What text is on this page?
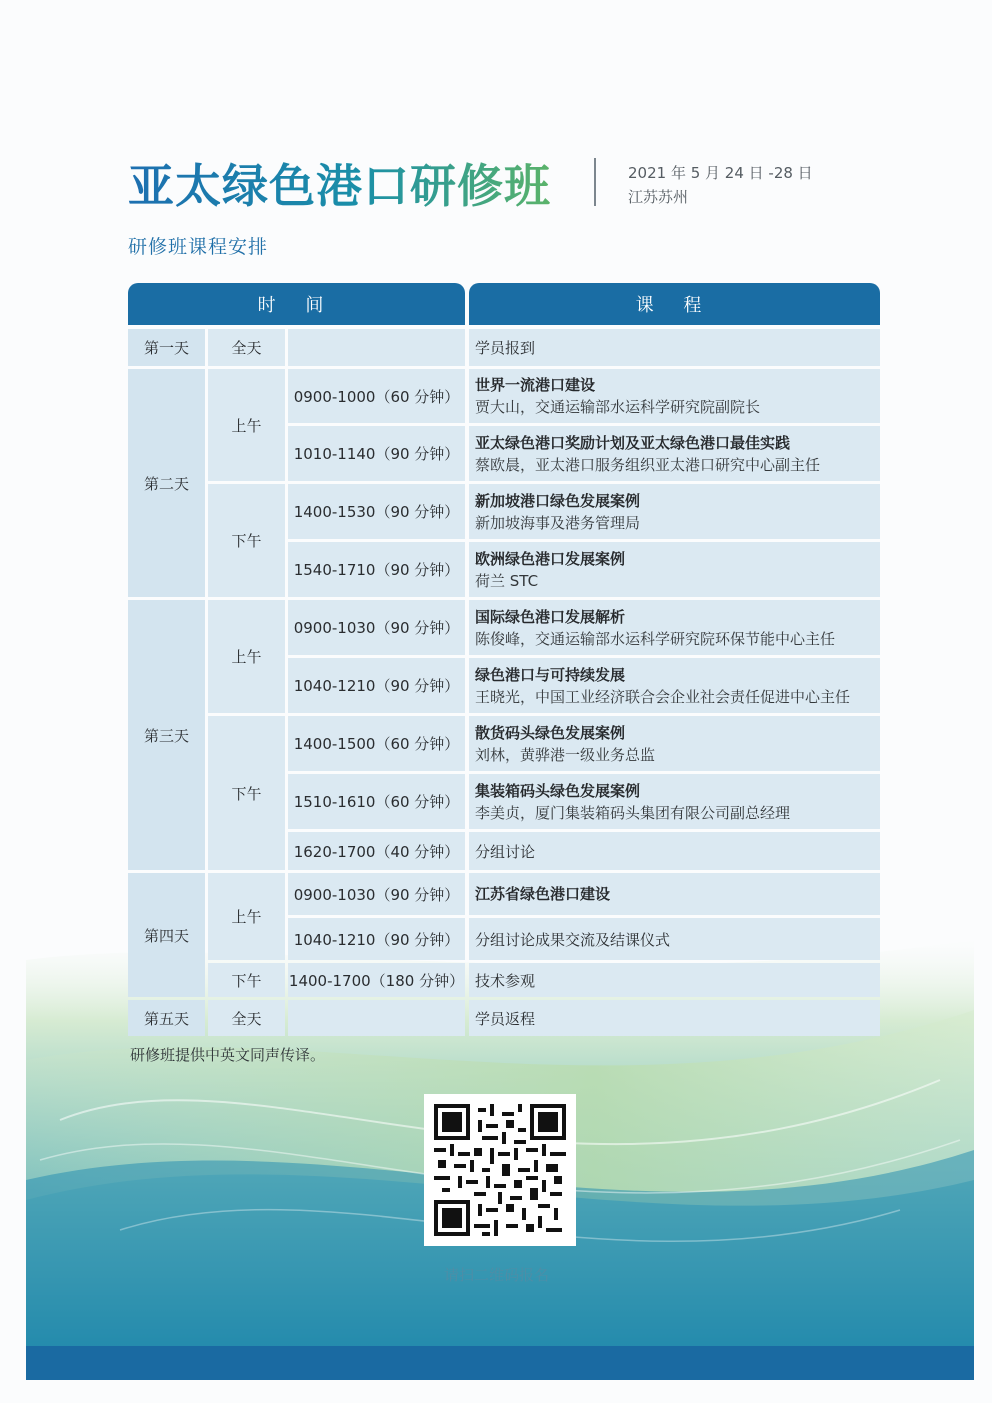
亚太绿色港口研修班	2021 年 5 月 24 日 -28 日
江苏苏州
研修班课程安排
时 间	课 程
第一天
第二天
第三天
第四天
第五天
全天
上午
下午
上午
下午
上午
下午
全天
0900-1000（60 分钟）
1010-1140（90 分钟）
1400-1530（90 分钟）
1540-1710（90 分钟）
0900-1030（90 分钟）
1040-1210（90 分钟）
1400-1500（60 分钟）
1510-1610（60 分钟）
1620-1700（40 分钟）
0900-1030（90 分钟）
1040-1210（90 分钟）
1400-1700（180 分钟）
学员报到
世界一流港口建设
贾大山，交通运输部水运科学研究院副院长
亚太绿色港口奖励计划及亚太绿色港口最佳实践
蔡欧晨，亚太港口服务组织亚太港口研究中心副主任
新加坡港口绿色发展案例
新加坡海事及港务管理局
欧洲绿色港口发展案例
荷兰 STC
国际绿色港口发展解析
陈俊峰，交通运输部水运科学研究院环保节能中心主任
绿色港口与可持续发展
王晓光，中国工业经济联合会企业社会责任促进中心主任
散货码头绿色发展案例
刘林，黄骅港一级业务总监
集装箱码头绿色发展案例
李美贞，厦门集装箱码头集团有限公司副总经理
分组讨论
江苏省绿色港口建设
分组讨论成果交流及结课仪式
技术参观
学员返程
研修班提供中英文同声传译。
请扫二维码报名
